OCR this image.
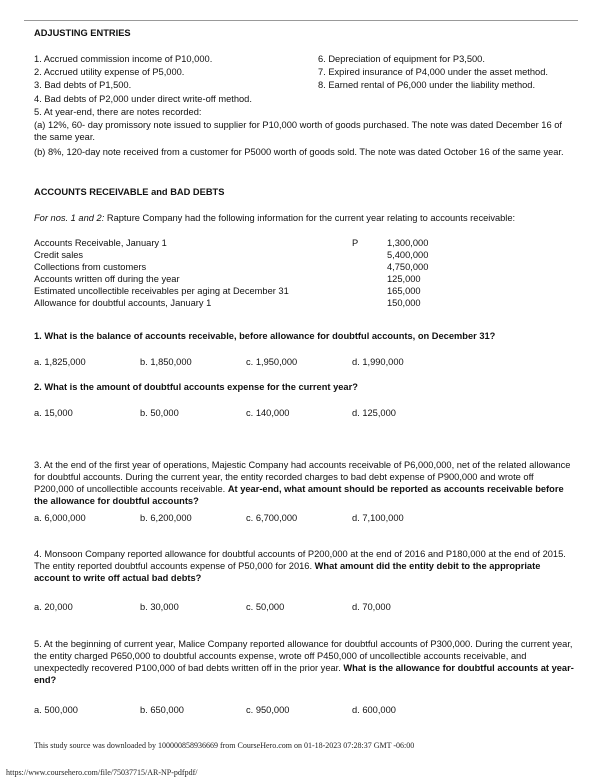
ADJUSTING ENTRIES
1. Accrued commission income of P10,000.
2. Accrued utility expense of P5,000.
3. Bad debts of P1,500.
4. Bad debts of P2,000 under direct write-off method.
5. At year-end, there are notes recorded:
6. Depreciation of equipment for P3,500.
7. Expired insurance of P4,000 under the asset method.
8. Earned rental of P6,000 under the liability method.
(a) 12%, 60- day promissory note issued to supplier for P10,000 worth of goods purchased. The note was dated December 16 of the same year.
(b) 8%, 120-day note received from a customer for P5000 worth of goods sold. The note was dated October 16 of the same year.
ACCOUNTS RECEIVABLE and BAD DEBTS
For nos. 1 and 2: Rapture Company had the following information for the current year relating to accounts receivable:
Accounts Receivable, January 1	P	1,300,000
Credit sales	5,400,000
Collections from customers	4,750,000
Accounts written off during the year	125,000
Estimated uncollectible receivables per aging at December 31	165,000
Allowance for doubtful accounts, January 1	150,000
1. What is the balance of accounts receivable, before allowance for doubtful accounts, on December 31?
a. 1,825,000	b. 1,850,000	c. 1,950,000	d. 1,990,000
2. What is the amount of doubtful accounts expense for the current year?
a. 15,000	b. 50,000	c. 140,000	d. 125,000
3. At the end of the first year of operations, Majestic Company had accounts receivable of P6,000,000, net of the related allowance for doubtful accounts. During the current year, the entity recorded charges to bad debt expense of P900,000 and wrote off P200,000 of uncollectible accounts receivable. At year-end, what amount should be reported as accounts receivable before the allowance for doubtful accounts?
a. 6,000,000	b. 6,200,000	c. 6,700,000	d. 7,100,000
4. Monsoon Company reported allowance for doubtful accounts of P200,000 at the end of 2016 and P180,000 at the end of 2015. The entity reported doubtful accounts expense of P50,000 for 2016. What amount did the entity debit to the appropriate account to write off actual bad debts?
a. 20,000	b. 30,000	c. 50,000	d. 70,000
5. At the beginning of current year, Malice Company reported allowance for doubtful accounts of P300,000. During the current year, the entity charged P650,000 to doubtful accounts expense, wrote off P450,000 of uncollectible accounts receivable, and unexpectedly recovered P100,000 of bad debts written off in the prior year. What is the allowance for doubtful accounts at year-end?
a. 500,000	b. 650,000	c. 950,000	d. 600,000
This study source was downloaded by 100000858936669 from CourseHero.com on 01-18-2023 07:28:37 GMT -06:00
https://www.coursehero.com/file/75037715/AR-NP-pdfpdf/
